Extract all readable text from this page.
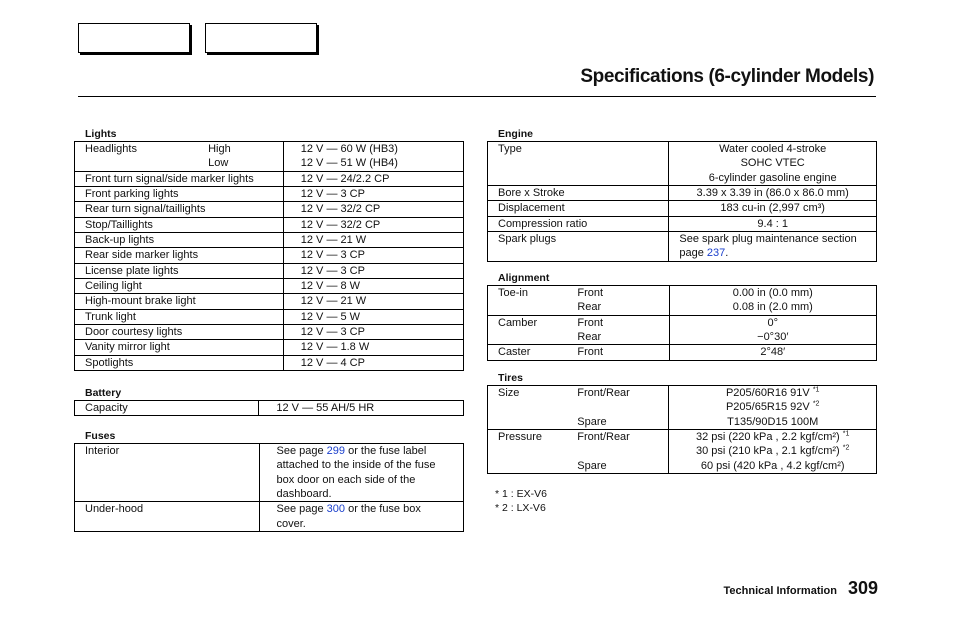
Specifications (6-cylinder Models)
Lights
Headlights	High	12 V — 60 W (HB3)
	Low	12 V — 51 W (HB4)
Front turn signal/side marker lights		12 V — 24/2.2 CP
Front parking lights		12 V — 3 CP
Rear turn signal/taillights		12 V — 32/2 CP
Stop/Taillights		12 V — 32/2 CP
Back-up lights		12 V — 21 W
Rear side marker lights		12 V — 3 CP
License plate lights		12 V — 3 CP
Ceiling light		12 V — 8 W
High-mount brake light		12 V — 21 W
Trunk light		12 V — 5 W
Door courtesy lights		12 V — 3 CP
Vanity mirror light		12 V — 1.8 W
Spotlights		12 V — 4 CP
Battery
Capacity	12 V — 55 AH/5 HR
Fuses
Interior	See page 299 or the fuse label attached to the inside of the fuse box door on each side of the dashboard.
Under-hood	See page 300 or the fuse box cover.
Engine
Type	Water cooled 4-stroke
SOHC VTEC
6-cylinder gasoline engine

Bore x Stroke	3.39 x 3.39 in (86.0 x 86.0 mm)
Displacement	183 cu-in (2,997 cm³)
Compression ratio	9.4 : 1
Spark plugs	See spark plug maintenance section page 237.
Alignment
Toe-in	Front	0.00 in (0.0 mm)
	Rear	0.08 in (2.0 mm)
Camber	Front	0°
	Rear	−0°30′
Caster	Front	2°48′
Tires
Size	Front/Rear	P205/60R16 91V $^{*1}$
		P205/65R15 92V $^{*2}$
	Spare	T135/90D15 100M
Pressure	Front/Rear	32 psi (220 kPa , 2.2 kgf/cm²) $^{*1}$
		30 psi (210 kPa , 2.1 kgf/cm²) $^{*2}$
	Spare	60 psi (420 kPa , 4.2 kgf/cm²)
* 1 : EX-V6
* 2 : LX-V6
Technical Information 309
